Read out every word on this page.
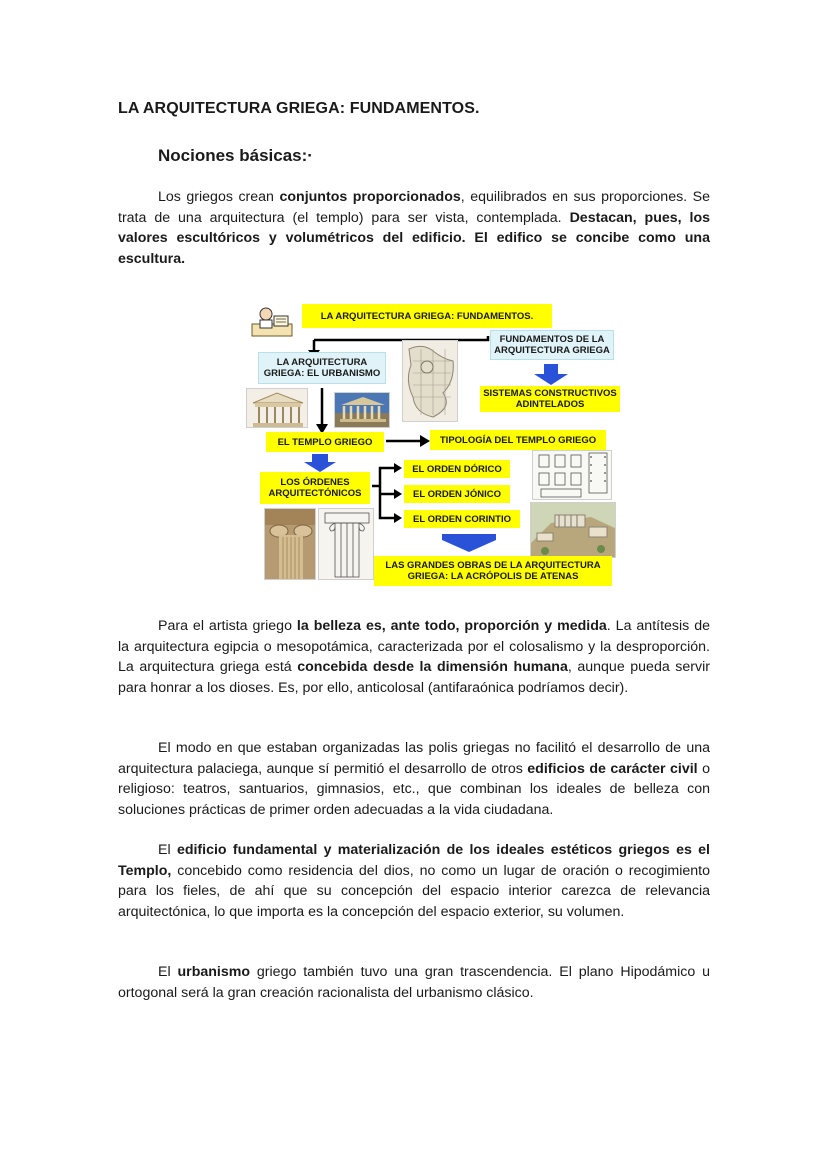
LA ARQUITECTURA GRIEGA: FUNDAMENTOS.
Nociones básicas:·

Los griegos crean conjuntos proporcionados, equilibrados en sus proporciones. Se trata de una arquitectura (el templo) para ser vista, contemplada. Destacan, pues, los valores escultóricos y volumétricos del edificio. El edifico se concibe como una escultura.

LA ARQUITECTURA GRIEGA: FUNDAMENTOS.
FUNDAMENTOS DE LA ARQUITECTURA GRIEGA
LA ARQUITECTURA GRIEGA: EL URBANISMO
SISTEMAS CONSTRUCTIVOS ADINTELADOS
EL TEMPLO GRIEGO	TIPOLOGÍA DEL TEMPLO GRIEGO
LOS ÓRDENES ARQUITECTÓNICOS
EL ORDEN DÓRICO
EL ORDEN JÓNICO
EL ORDEN CORINTIO
LAS GRANDES OBRAS DE LA ARQUITECTURA GRIEGA: LA ACRÓPOLIS DE ATENAS

Para el artista griego la belleza es, ante todo, proporción y medida. La antítesis de la arquitectura egipcia o mesopotámica, caracterizada por el colosalismo y la desproporción. La arquitectura griega está concebida desde la dimensión humana, aunque pueda servir para honrar a los dioses. Es, por ello, anticolosal (antifaraónica podríamos decir).

El modo en que estaban organizadas las polis griegas no facilitó el desarrollo de una arquitectura palaciega, aunque sí permitió el desarrollo de otros edificios de carácter civil o religioso: teatros, santuarios, gimnasios, etc., que combinan los ideales de belleza con soluciones prácticas de primer orden adecuadas a la vida ciudadana.

El edificio fundamental y materialización de los ideales estéticos griegos es el Templo, concebido como residencia del dios, no como un lugar de oración o recogimiento para los fieles, de ahí que su concepción del espacio interior carezca de relevancia arquitectónica, lo que importa es la concepción del espacio exterior, su volumen.

El urbanismo griego también tuvo una gran trascendencia. El plano Hipodámico u ortogonal será la gran creación racionalista del urbanismo clásico.
